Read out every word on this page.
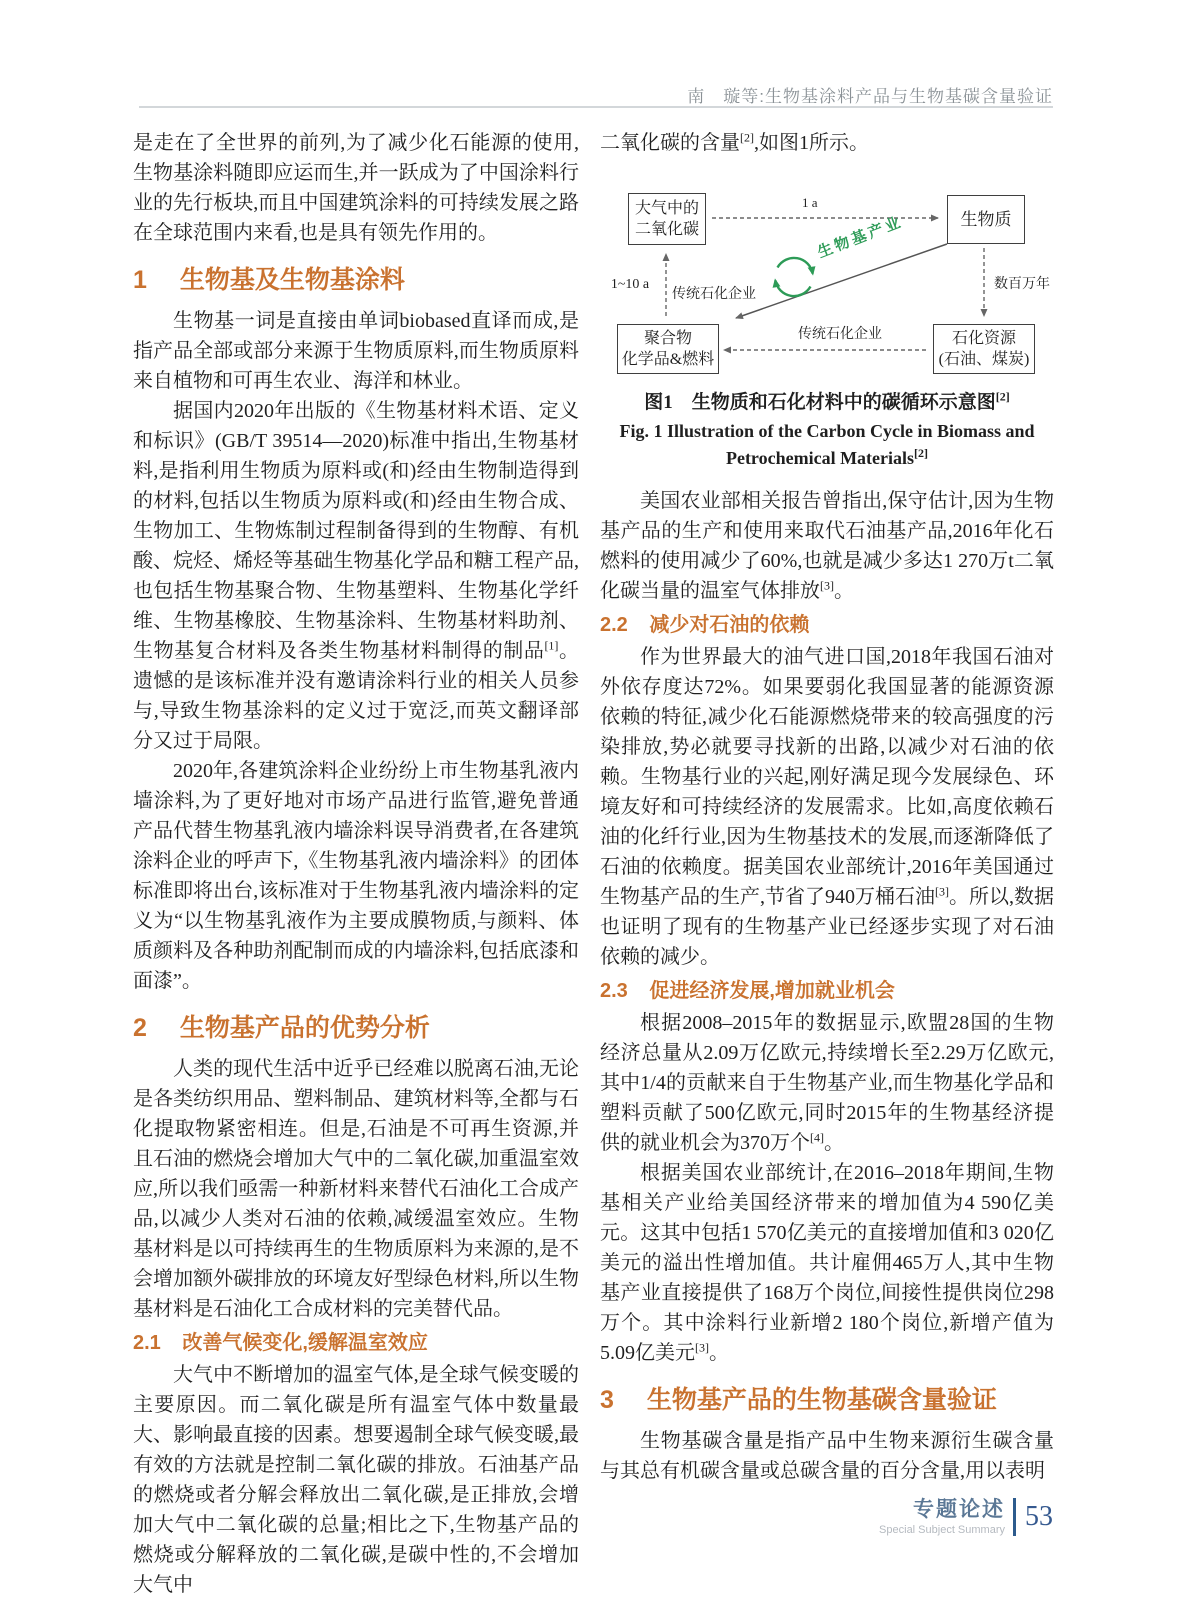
南　璇等:生物基涂料产品与生物基碳含量验证

是走在了全世界的前列,为了减少化石能源的使用,生物基涂料随即应运而生,并一跃成为了中国涂料行业的先行板块,而且中国建筑涂料的可持续发展之路在全球范围内来看,也是具有领先作用的。

1 生物基及生物基涂料

生物基一词是直接由单词biobased直译而成,是指产品全部或部分来源于生物质原料,而生物质原料来自植物和可再生农业、海洋和林业。

据国内2020年出版的《生物基材料术语、定义和标识》(GB/T 39514—2020)标准中指出,生物基材料,是指利用生物质为原料或(和)经由生物制造得到的材料,包括以生物质为原料或(和)经由生物合成、生物加工、生物炼制过程制备得到的生物醇、有机酸、烷烃、烯烃等基础生物基化学品和糖工程产品,也包括生物基聚合物、生物基塑料、生物基化学纤维、生物基橡胶、生物基涂料、生物基材料助剂、生物基复合材料及各类生物基材料制得的制品[1]。遗憾的是该标准并没有邀请涂料行业的相关人员参与,导致生物基涂料的定义过于宽泛,而英文翻译部分又过于局限。

2020年,各建筑涂料企业纷纷上市生物基乳液内墙涂料,为了更好地对市场产品进行监管,避免普通产品代替生物基乳液内墙涂料误导消费者,在各建筑涂料企业的呼声下,《生物基乳液内墙涂料》的团体标准即将出台,该标准对于生物基乳液内墙涂料的定义为“以生物基乳液作为主要成膜物质,与颜料、体质颜料及各种助剂配制而成的内墙涂料,包括底漆和面漆”。

2 生物基产品的优势分析

人类的现代生活中近乎已经难以脱离石油,无论是各类纺织用品、塑料制品、建筑材料等,全都与石化提取物紧密相连。但是,石油是不可再生资源,并且石油的燃烧会增加大气中的二氧化碳,加重温室效应,所以我们亟需一种新材料来替代石油化工合成产品,以减少人类对石油的依赖,减缓温室效应。生物基材料是以可持续再生的生物质原料为来源的,是不会增加额外碳排放的环境友好型绿色材料,所以生物基材料是石油化工合成材料的完美替代品。

2.1 改善气候变化,缓解温室效应

大气中不断增加的温室气体,是全球气候变暖的主要原因。而二氧化碳是所有温室气体中数量最大、影响最直接的因素。想要遏制全球气候变暖,最有效的方法就是控制二氧化碳的排放。石油基产品的燃烧或者分解会释放出二氧化碳,是正排放,会增加大气中二氧化碳的总量;相比之下,生物基产品的燃烧或分解释放的二氧化碳,是碳中性的,不会增加大气中

二氧化碳的含量[2],如图1所示。

大气中的
二氧化碳
生物质
聚合物
化学品&燃料
石化资源
(石油、煤炭)
1 a
1~10 a
传统石化企业
数百万年
传统石化企业
生物基产业

图1　生物质和石化材料中的碳循环示意图[2]

Fig. 1 Illustration of the Carbon Cycle in Biomass and

Petrochemical Materials[2]

美国农业部相关报告曾指出,保守估计,因为生物基产品的生产和使用来取代石油基产品,2016年化石燃料的使用减少了60%,也就是减少多达1 270万t二氧化碳当量的温室气体排放[3]。

2.2 减少对石油的依赖

作为世界最大的油气进口国,2018年我国石油对外依存度达72%。如果要弱化我国显著的能源资源依赖的特征,减少化石能源燃烧带来的较高强度的污染排放,势必就要寻找新的出路,以减少对石油的依赖。生物基行业的兴起,刚好满足现今发展绿色、环境友好和可持续经济的发展需求。比如,高度依赖石油的化纤行业,因为生物基技术的发展,而逐渐降低了石油的依赖度。据美国农业部统计,2016年美国通过生物基产品的生产,节省了940万桶石油[3]。所以,数据也证明了现有的生物基产业已经逐步实现了对石油依赖的减少。

2.3 促进经济发展,增加就业机会

根据2008–2015年的数据显示,欧盟28国的生物经济总量从2.09万亿欧元,持续增长至2.29万亿欧元,其中1/4的贡献来自于生物基产业,而生物基化学品和塑料贡献了500亿欧元,同时2015年的生物基经济提供的就业机会为370万个[4]。

根据美国农业部统计,在2016–2018年期间,生物基相关产业给美国经济带来的增加值为4 590亿美元。这其中包括1 570亿美元的直接增加值和3 020亿美元的溢出性增加值。共计雇佣465万人,其中生物基产业直接提供了168万个岗位,间接性提供岗位298万个。其中涂料行业新增2 180个岗位,新增产值为5.09亿美元[3]。

3 生物基产品的生物基碳含量验证

生物基碳含量是指产品中生物来源衍生碳含量与其总有机碳含量或总碳含量的百分含量,用以表明

专题论述
Special Subject Summary 53
